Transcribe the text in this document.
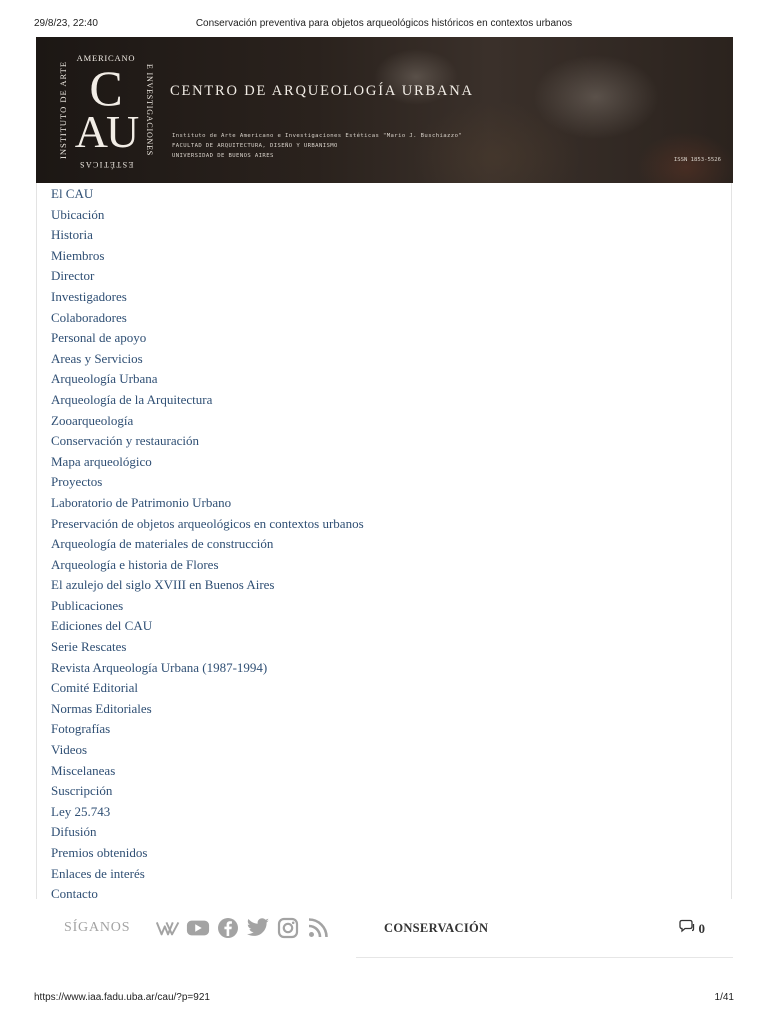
29/8/23, 22:40	Conservación preventiva para objetos arqueológicos históricos en contextos urbanos
INSTITUTO DE ARTE
AMERICANO
C
AU
ESTÉTICAS
E INVESTIGACIONES CENTRO DE ARQUEOLOGÍA URBANA
Instituto de Arte Americano e Investigaciones Estéticas "Mario J. Buschiazzo"
FACULTAD DE ARQUITECTURA, DISEÑO Y URBANISMO
UNIVERSIDAD DE BUENOS AIRES
ISSN 1853-5526
El CAU
Ubicación
Historia
Miembros
Director
Investigadores
Colaboradores
Personal de apoyo
Areas y Servicios
Arqueología Urbana
Arqueología de la Arquitectura
Zooarqueología
Conservación y restauración
Mapa arqueológico
Proyectos
Laboratorio de Patrimonio Urbano
Preservación de objetos arqueológicos en contextos urbanos
Arqueología de materiales de construcción
Arqueología e historia de Flores
El azulejo del siglo XVIII en Buenos Aires
Publicaciones
Ediciones del CAU
Serie Rescates
Revista Arqueología Urbana (1987-1994)
Comité Editorial
Normas Editoriales
Fotografías
Videos
Miscelaneas
Suscripción
Ley 25.743
Difusión
Premios obtenidos
Enlaces de interés
Contacto
SÍGANOS	CONSERVACIÓN	0
https://www.iaa.fadu.uba.ar/cau/?p=921	1/41
